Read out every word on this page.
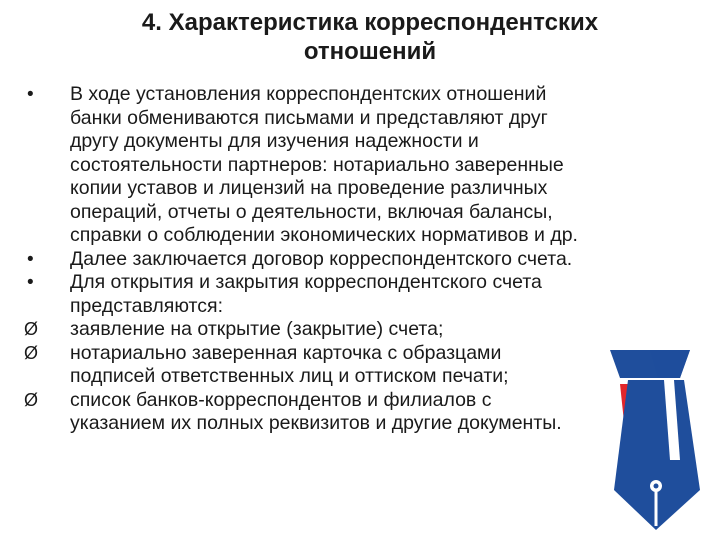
4. Характеристика корреспондентских
отношений
•	В ходе установления корреспондентских отношений
банки обмениваются письмами и представляют друг
другу документы для изучения надежности и
состоятельности партнеров: нотариально заверенные
копии уставов и лицензий на проведение различных
операций, отчеты о деятельности, включая балансы,
справки о соблюдении экономических нормативов и др.
•	Далее заключается договор корреспондентского счета.
•	Для открытия и закрытия корреспондентского счета
представляются:
Ø	заявление на открытие (закрытие) счета;
Ø	нотариально заверенная карточка с образцами
подписей ответственных лиц и оттиском печати;
Ø	список банков-корреспондентов и филиалов с
указанием их полных реквизитов и другие документы.
